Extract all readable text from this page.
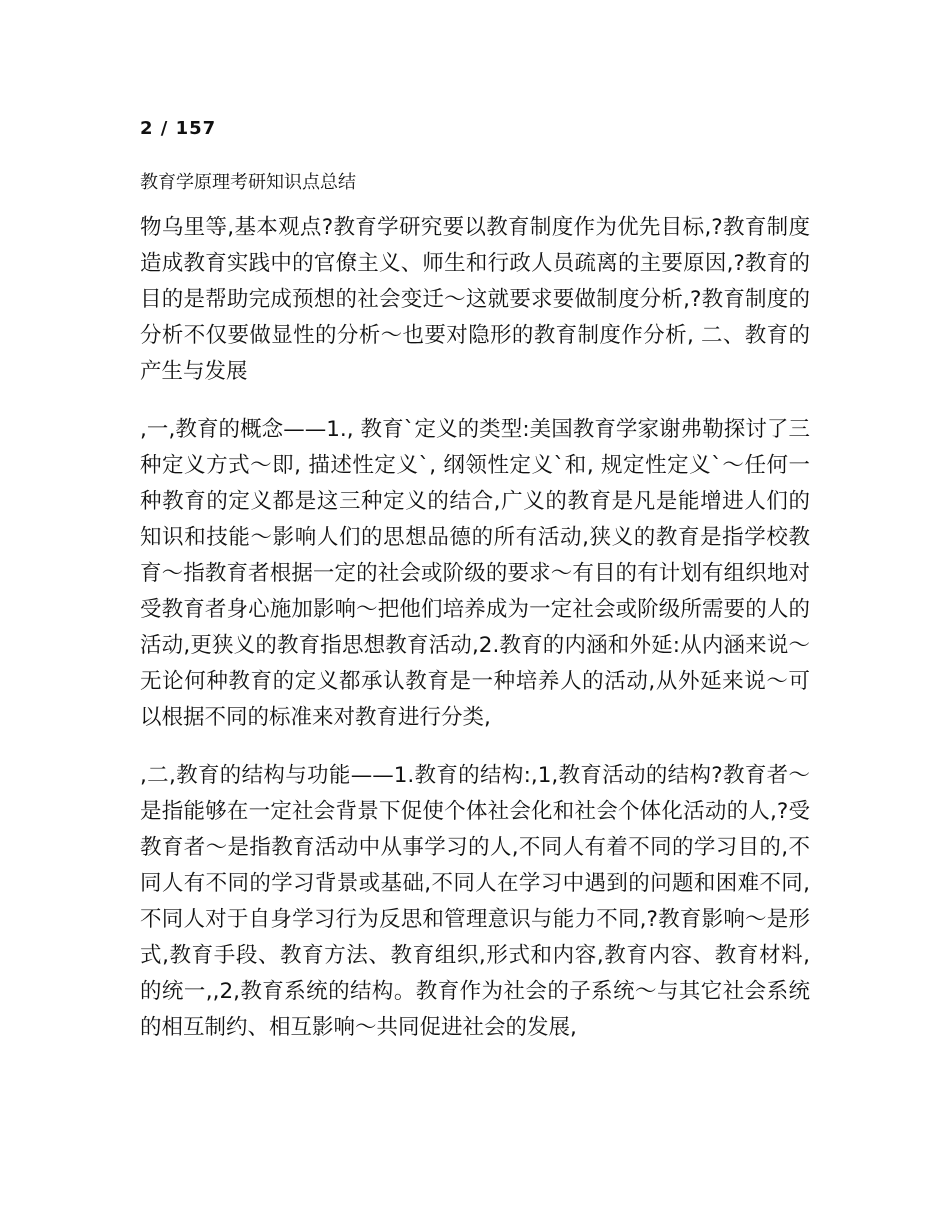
2 / 157
教育学原理考研知识点总结

物乌里等,基本观点?教育学研究要以教育制度作为优先目标,?教育制度造成教育实践中的官僚主义、师生和行政人员疏离的主要原因,?教育的目的是帮助完成预想的社会变迁～这就要求要做制度分析,?教育制度的分析不仅要做显性的分析～也要对隐形的教育制度作分析, 二、教育的产生与发展

,一,教育的概念——1., 教育`定义的类型:美国教育学家谢弗勒探讨了三种定义方式～即, 描述性定义`, 纲领性定义`和, 规定性定义`～任何一种教育的定义都是这三种定义的结合,广义的教育是凡是能增进人们的知识和技能～影响人们的思想品德的所有活动,狭义的教育是指学校教育～指教育者根据一定的社会或阶级的要求～有目的有计划有组织地对受教育者身心施加影响～把他们培养成为一定社会或阶级所需要的人的活动,更狭义的教育指思想教育活动,2.教育的内涵和外延:从内涵来说～无论何种教育的定义都承认教育是一种培养人的活动,从外延来说～可以根据不同的标准来对教育进行分类,

,二,教育的结构与功能——1.教育的结构:,1,教育活动的结构?教育者～是指能够在一定社会背景下促使个体社会化和社会个体化活动的人,?受教育者～是指教育活动中从事学习的人,不同人有着不同的学习目的,不同人有不同的学习背景或基础,不同人在学习中遇到的问题和困难不同,不同人对于自身学习行为反思和管理意识与能力不同,?教育影响～是形式,教育手段、教育方法、教育组织,形式和内容,教育内容、教育材料,的统一,,2,教育系统的结构。教育作为社会的子系统～与其它社会系统的相互制约、相互影响～共同促进社会的发展,
